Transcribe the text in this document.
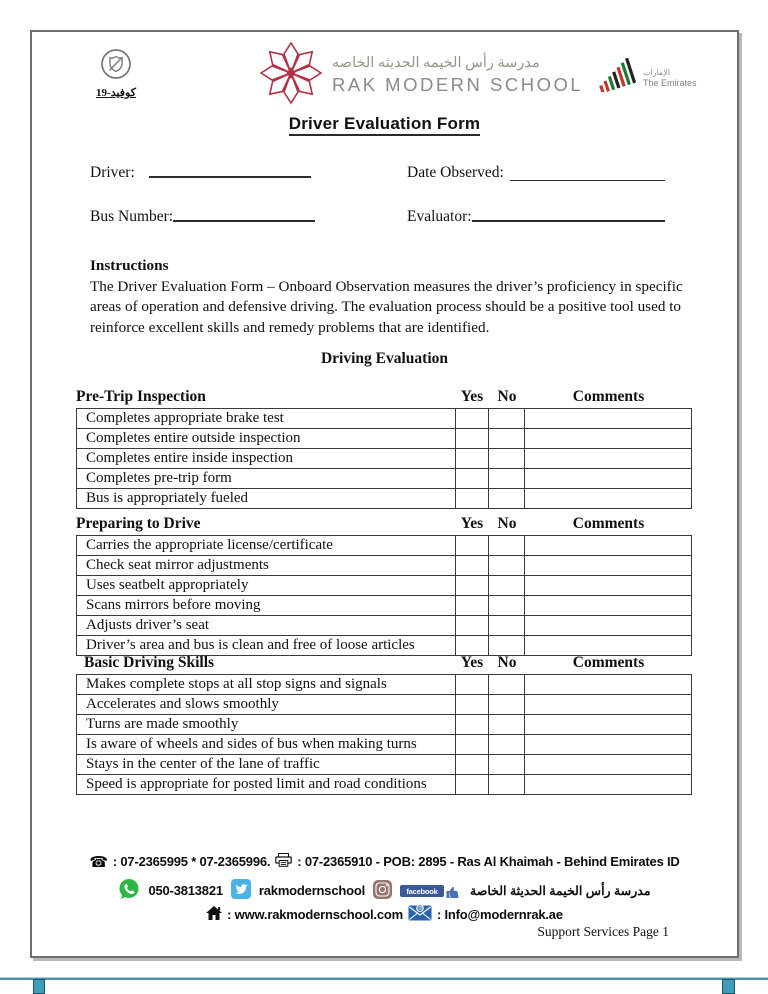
كوفيد-19
مدرسة رأس الخيمه الحديثه الخاصه
RAK MODERN SCHOOL
الإمارات
The Emirates
Driver Evaluation Form
Driver:	Date Observed:
Bus Number:	Evaluator:
Instructions
The Driver Evaluation Form – Onboard Observation measures the driver’s proficiency in specific areas of operation and defensive driving. The evaluation process should be a positive tool used to reinforce excellent skills and remedy problems that are identified.
Driving Evaluation
Pre-Trip Inspection	Yes No	Comments
Completes appropriate brake test
Completes entire outside inspection
Completes entire inside inspection
Completes pre-trip form
Bus is appropriately fueled
Preparing to Drive	Yes No	Comments
Carries the appropriate license/certificate
Check seat mirror adjustments
Uses seatbelt appropriately
Scans mirrors before moving
Adjusts driver’s seat
Driver’s area and bus is clean and free of loose articles
Basic Driving Skills	Yes No	Comments
Makes complete stops at all stop signs and signals
Accelerates and slows smoothly
Turns are made smoothly
Is aware of wheels and sides of bus when making turns
Stays in the center of the lane of traffic
Speed is appropriate for posted limit and road conditions
☎ : 07-2365995 * 07-2365996. : 07-2365910 - POB: 2895 - Ras Al Khaimah - Behind Emirates ID
050-3813821	rakmodernschool	facebook	مدرسة رأس الخيمة الحديثة الخاصة
: www.rakmodernschool.com @ : Info@modernrak.ae
Support Services Page 1
